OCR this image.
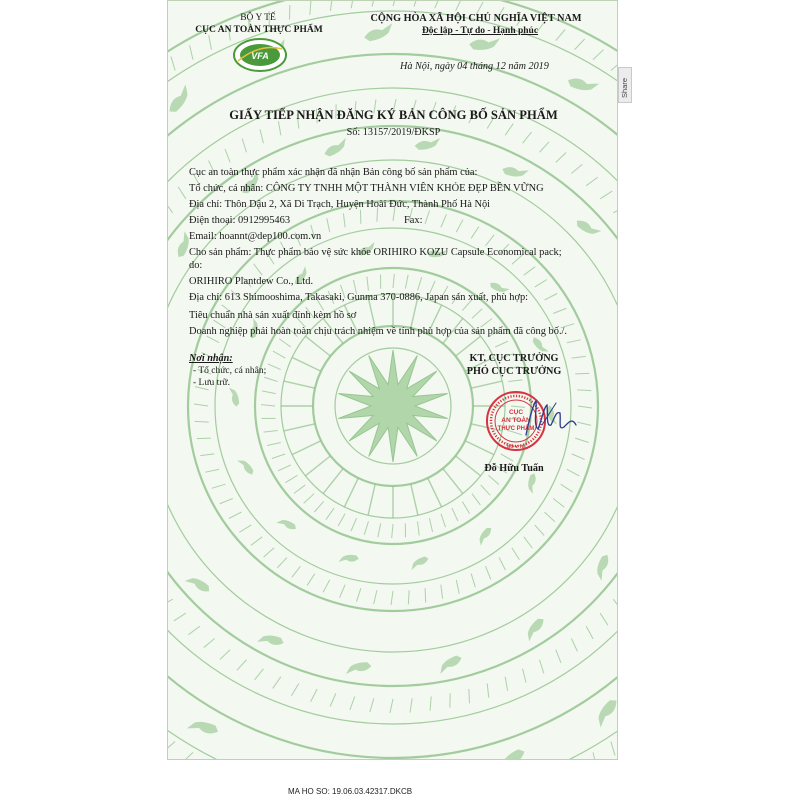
BỘ Y TẾ

CỤC AN TOÀN THỰC PHẨM

VFA

CỘNG HÒA XÃ HỘI CHỦ NGHĨA VIỆT NAM

Độc lập - Tự do - Hạnh phúc

Hà Nội, ngày 04 tháng 12 năm 2019

GIẤY TIẾP NHẬN ĐĂNG KÝ BẢN CÔNG BỐ SẢN PHẨM

Số: 13157/2019/ĐKSP

Cục an toàn thực phẩm xác nhận đã nhận Bản công bố sản phẩm của:

Tổ chức, cá nhân: CÔNG TY TNHH MỘT THÀNH VIÊN KHỎE ĐẸP BỀN VỮNG

Địa chỉ: Thôn Dậu 2, Xã Di Trạch, Huyện Hoài Đức, Thành Phố Hà Nội

Điện thoại: 0912995463	Fax:

Email: hoannt@dep100.com.vn

Cho sản phẩm: Thực phẩm bảo vệ sức khỏe ORIHIRO KOZU Capsule Economical pack;

do:

ORIHIRO Plantdew Co., Ltd.

Địa chỉ: 613 Shimooshima, Takasaki, Gunma 370-0886, Japan sản xuất, phù hợp:

Tiêu chuẩn nhà sản xuất đính kèm hồ sơ

Doanh nghiệp phải hoàn toàn chịu trách nhiệm về tính phù hợp của sản phẩm đã công bố./.

Nơi nhận:

- Tổ chức, cá nhân;

- Lưu trữ.

KT. CỤC TRƯỞNG

PHÓ CỤC TRƯỞNG

CỤC
AN TOÀN
THỰC PHẨM
BỘ Y TẾ

Đỗ Hữu Tuấn

Share

MA HO SO: 19.06.03.42317.DKCB
